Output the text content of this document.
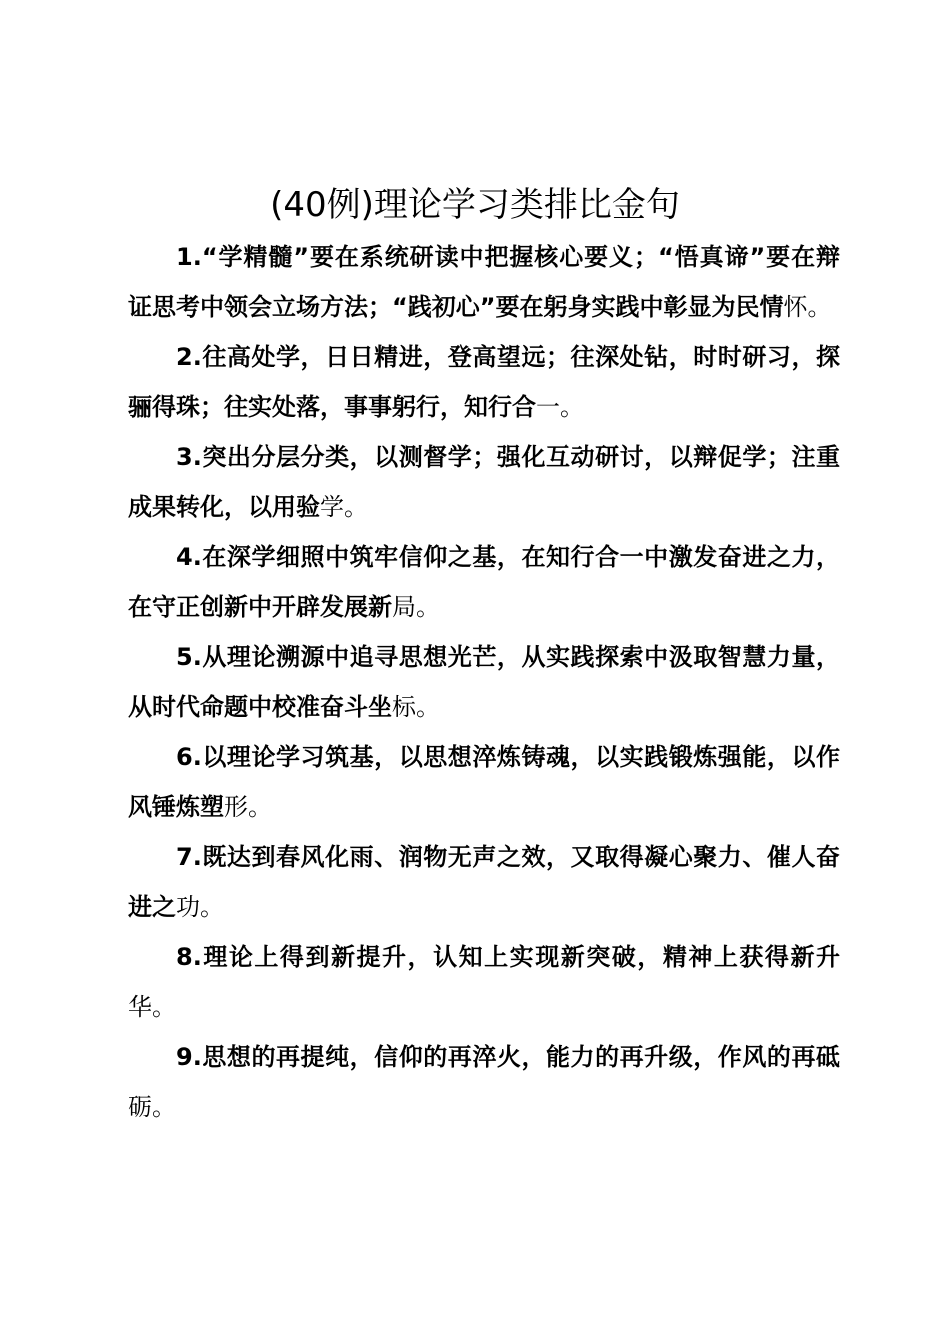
(40例)理论学习类排比金句

1.“学精髓”要在系统研读中把握核心要义；“悟真谛”要在辩证思考中领会立场方法；“践初心”要在躬身实践中彰显为民情怀。

2.往高处学，日日精进，登高望远；往深处钻，时时研习，探骊得珠；往实处落，事事躬行，知行合一。

3.突出分层分类，以测督学；强化互动研讨，以辩促学；注重成果转化，以用验学。

4.在深学细照中筑牢信仰之基，在知行合一中激发奋进之力，在守正创新中开辟发展新局。

5.从理论溯源中追寻思想光芒，从实践探索中汲取智慧力量，从时代命题中校准奋斗坐标。

6.以理论学习筑基，以思想淬炼铸魂，以实践锻炼强能，以作风锤炼塑形。

7.既达到春风化雨、润物无声之效，又取得凝心聚力、催人奋进之功。

8.理论上得到新提升，认知上实现新突破，精神上获得新升华。

9.思想的再提纯，信仰的再淬火，能力的再升级，作风的再砥砺。
